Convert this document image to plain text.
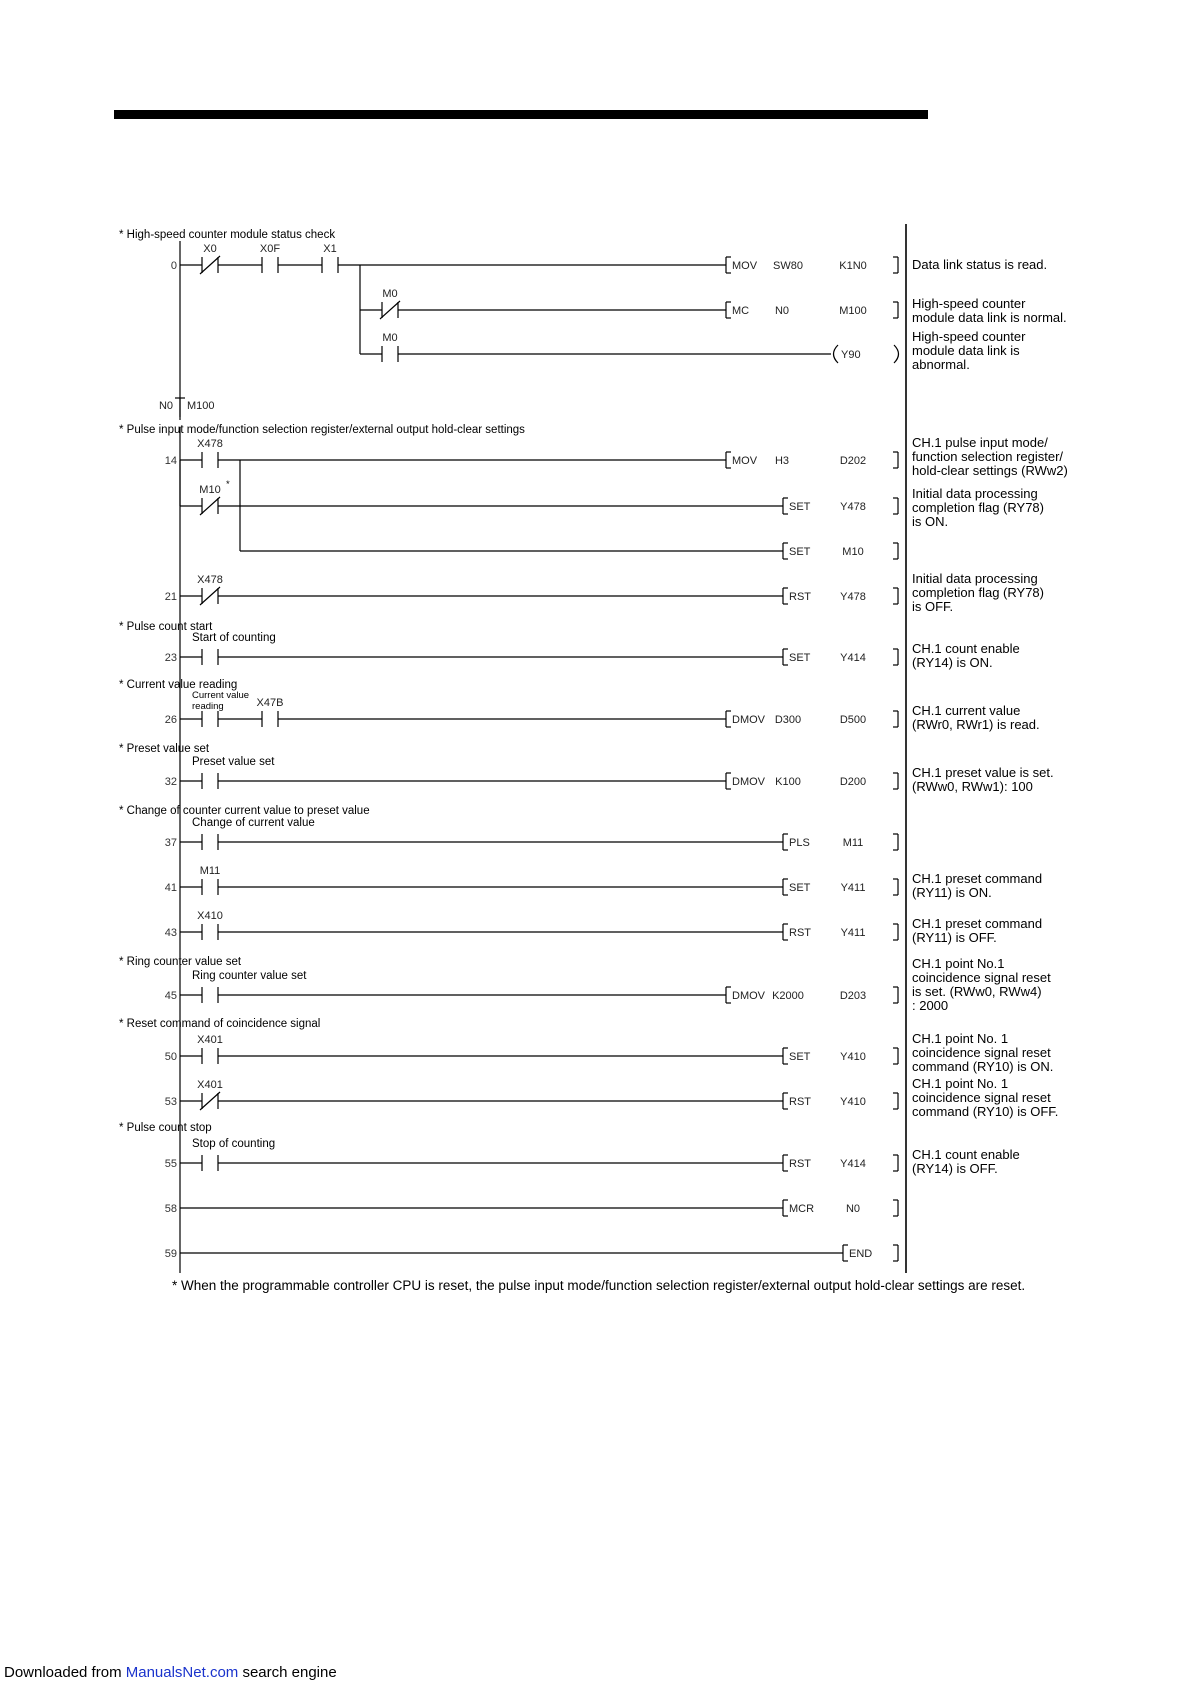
* High-speed counter module status check
* Pulse input mode/function selection register/external output hold-clear settings
* Pulse count start
* Current value reading
* Preset value set
* Change of counter current value to preset value
* Ring counter value set
* Reset command of coincidence signal
* Pulse count stop
0
14
21
23
26
32
37
41
43
45
50
53
55
58
59
X0	X0F	X1
MOV SW80	K1N0	Data link status is read.
M0
MC N0	M100	High-speed counter
module data link is normal.
M0
Y90
High-speed counter
module data link is
abnormal.
N0 M100
X478
MOV H3	D202
CH.1 pulse input mode/
function selection register/
hold-clear settings (RWw2)
M10 *
SET	Y478
Initial data processing
completion flag (RY78)
is ON.
SET	M10
X478
RST	Y478
Initial data processing
completion flag (RY78)
is OFF.
Start of counting
SET	Y414
CH.1 count enable
(RY14) is ON.
Current value
reading	X47B
DMOV D300	D500
CH.1 current value
(RWr0, RWr1) is read.
Preset value set
DMOV K100	D200
CH.1 preset value is set.
(RWw0, RWw1): 100
Change of current value
PLS	M11
M11
SET	Y411
CH.1 preset command
(RY11) is ON.
X410
RST	Y411
CH.1 preset command
(RY11) is OFF.
Ring counter value set
DMOV K2000	D203
CH.1 point No.1
coincidence signal reset
is set. (RWw0, RWw4)
: 2000
X401
SET	Y410
CH.1 point No. 1
coincidence signal reset
command (RY10) is ON.
X401
RST	Y410
CH.1 point No. 1
coincidence signal reset
command (RY10) is OFF.
Stop of counting
RST	Y414
CH.1 count enable
(RY14) is OFF.
MCR	N0
END
* When the programmable controller CPU is reset, the pulse input mode/function selection register/external output hold-clear settings are reset.
Downloaded from ManualsNet.com search engine
